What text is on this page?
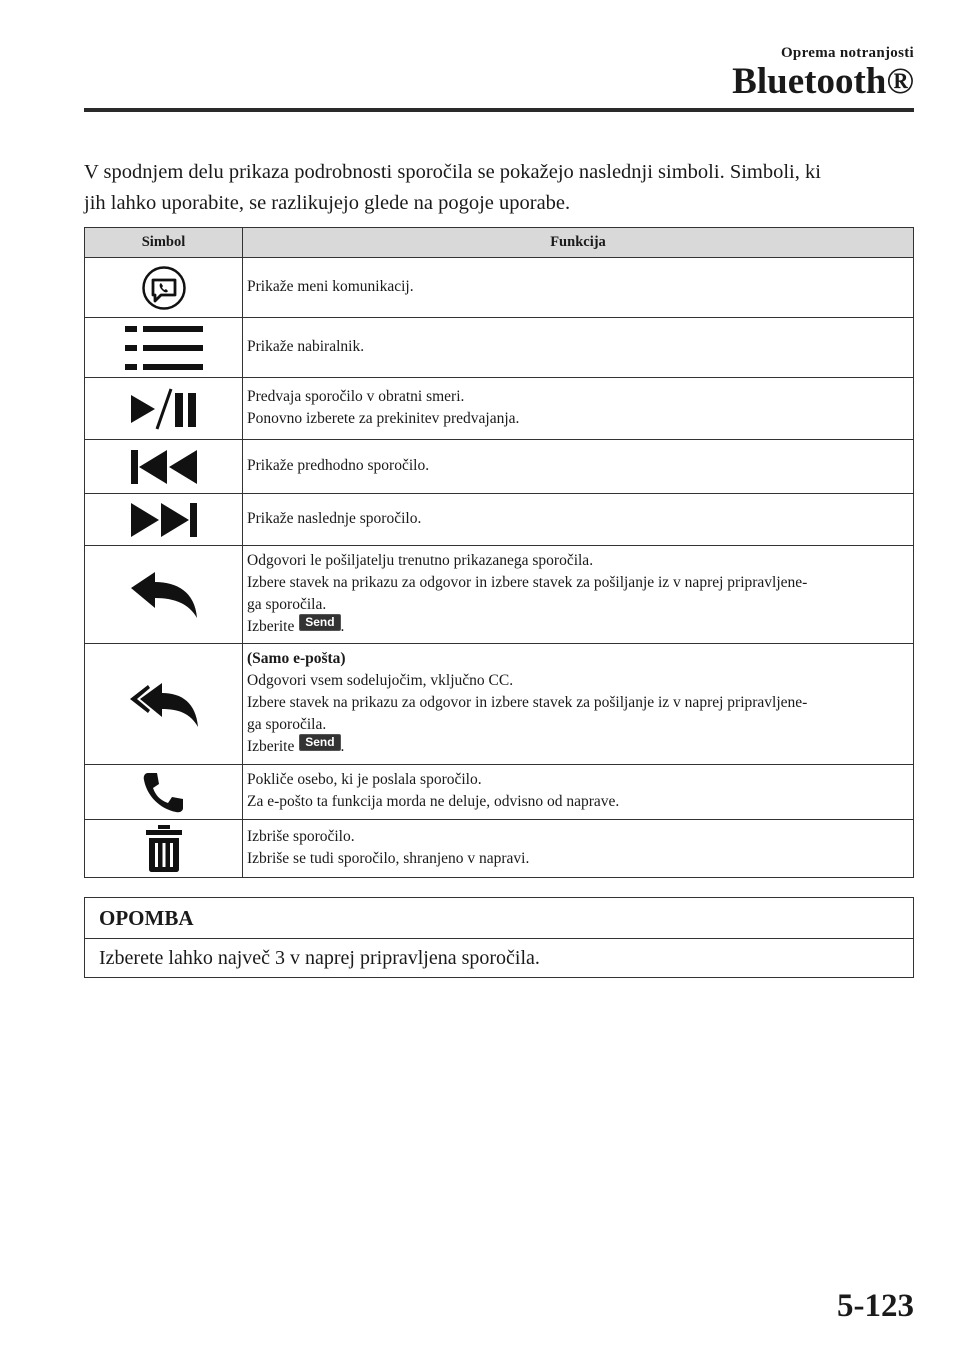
Oprema notranjosti
Bluetooth®
V spodnjem delu prikaza podrobnosti sporočila se pokažejo naslednji simboli. Simboli, ki
jih lahko uporabite, se razlikujejo glede na pogoje uporabe.
Simbol	Funkcija

Prikaže meni komunikacij.

Prikaže nabiralnik.

Predvaja sporočilo v obratni smeri.
Ponovno izberete za prekinitev predvajanja.

Prikaže predhodno sporočilo.

Prikaže naslednje sporočilo.

Odgovori le pošiljatelju trenutno prikazanega sporočila.
Izbere stavek na prikazu za odgovor in izbere stavek za pošiljanje iz v naprej pripravljene-
ga sporočila.
Izberite Send .

(Samo e-pošta)
Odgovori vsem sodelujočim, vključno CC.
Izbere stavek na prikazu za odgovor in izbere stavek za pošiljanje iz v naprej pripravljene-
ga sporočila.
Izberite Send .

Pokliče osebo, ki je poslala sporočilo.
Za e-pošto ta funkcija morda ne deluje, odvisno od naprave.

Izbriše sporočilo.
Izbriše se tudi sporočilo, shranjeno v napravi.
OPOMBA
Izberete lahko največ 3 v naprej pripravljena sporočila.
5-123
